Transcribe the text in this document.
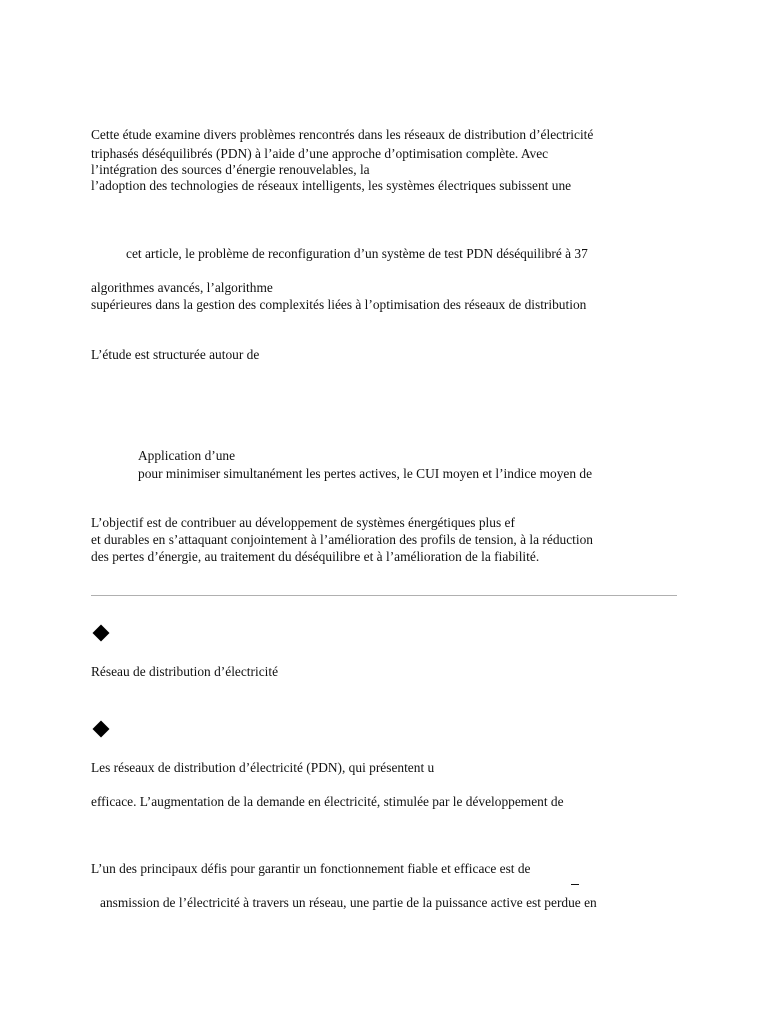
Cette étude examine divers problèmes rencontrés dans les réseaux de distribution d’électricité
triphasés déséquilibrés (PDN) à l’aide d’une approche d’optimisation complète. Avec
l’intégration des sources d’énergie renouvelables, la
l’adoption des technologies de réseaux intelligents, les systèmes électriques subissent une
cet article, le problème de reconfiguration d’un système de test PDN déséquilibré à 37
algorithmes avancés, l’algorithme
supérieures dans la gestion des complexités liées à l’optimisation des réseaux de distribution
L’étude est structurée autour de
Application d’une
pour minimiser simultanément les pertes actives, le CUI moyen et l’indice moyen de
L’objectif est de contribuer au développement de systèmes énergétiques plus ef
et durables en s’attaquant conjointement à l’amélioration des profils de tension, à la réduction
des pertes d’énergie, au traitement du déséquilibre et à l’amélioration de la fiabilité.
Réseau de distribution d’électricité
Les réseaux de distribution d’électricité (PDN), qui présentent u
efficace. L’augmentation de la demande en électricité, stimulée par le développement de
L’un des principaux défis pour garantir un fonctionnement fiable et efficace est de
ansmission de l’électricité à travers un réseau, une partie de la puissance active est perdue en
